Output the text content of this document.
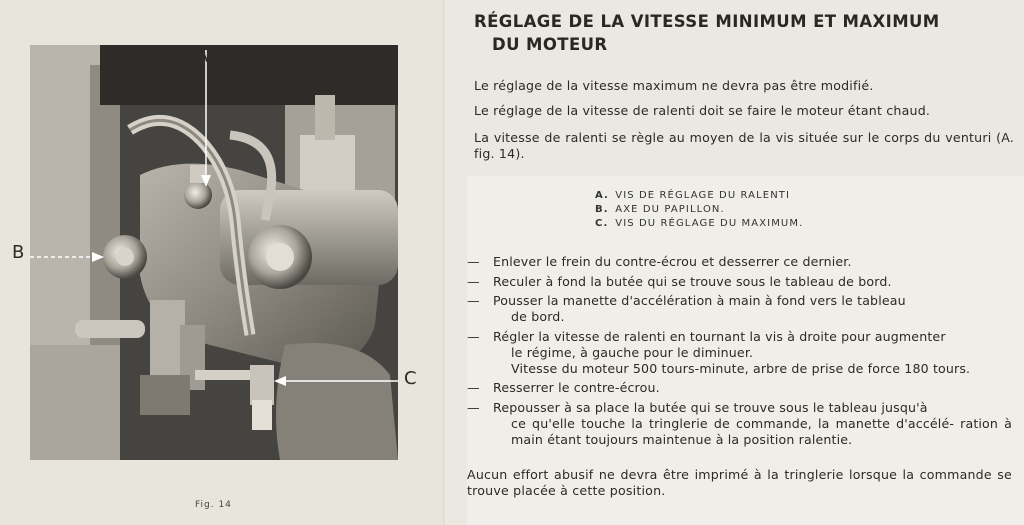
A
B
C
Fig. 14
RÉGLAGE DE LA VITESSE MINIMUM ET MAXIMUM
DU MOTEUR
Le réglage de la vitesse maximum ne devra pas être modifié.
Le réglage de la vitesse de ralenti doit se faire le moteur étant chaud.
La vitesse de ralenti se règle au moyen de la vis située sur le corps du venturi (A. fig. 14).
A. VIS DE RÉGLAGE DU RALENTI
B. AXE DU PAPILLON.
C. VIS DU RÉGLAGE DU MAXIMUM.
— Enlever le frein du contre-écrou et desserrer ce dernier.
— Reculer à fond la butée qui se trouve sous le tableau de bord.
— Pousser la manette d'accélération à main à fond vers le tableau
de bord.
— Régler la vitesse de ralenti en tournant la vis à droite pour augmenter
le régime, à gauche pour le diminuer.
Vitesse du moteur 500 tours-minute, arbre de prise de force 180 tours.
— Resserrer le contre-écrou.
— Repousser à sa place la butée qui se trouve sous le tableau jusqu'à
ce qu'elle touche la tringlerie de commande, la manette d'accélé- ration à main étant toujours maintenue à la position ralentie.
Aucun effort abusif ne devra être imprimé à la tringlerie lorsque la commande se trouve placée à cette position.
